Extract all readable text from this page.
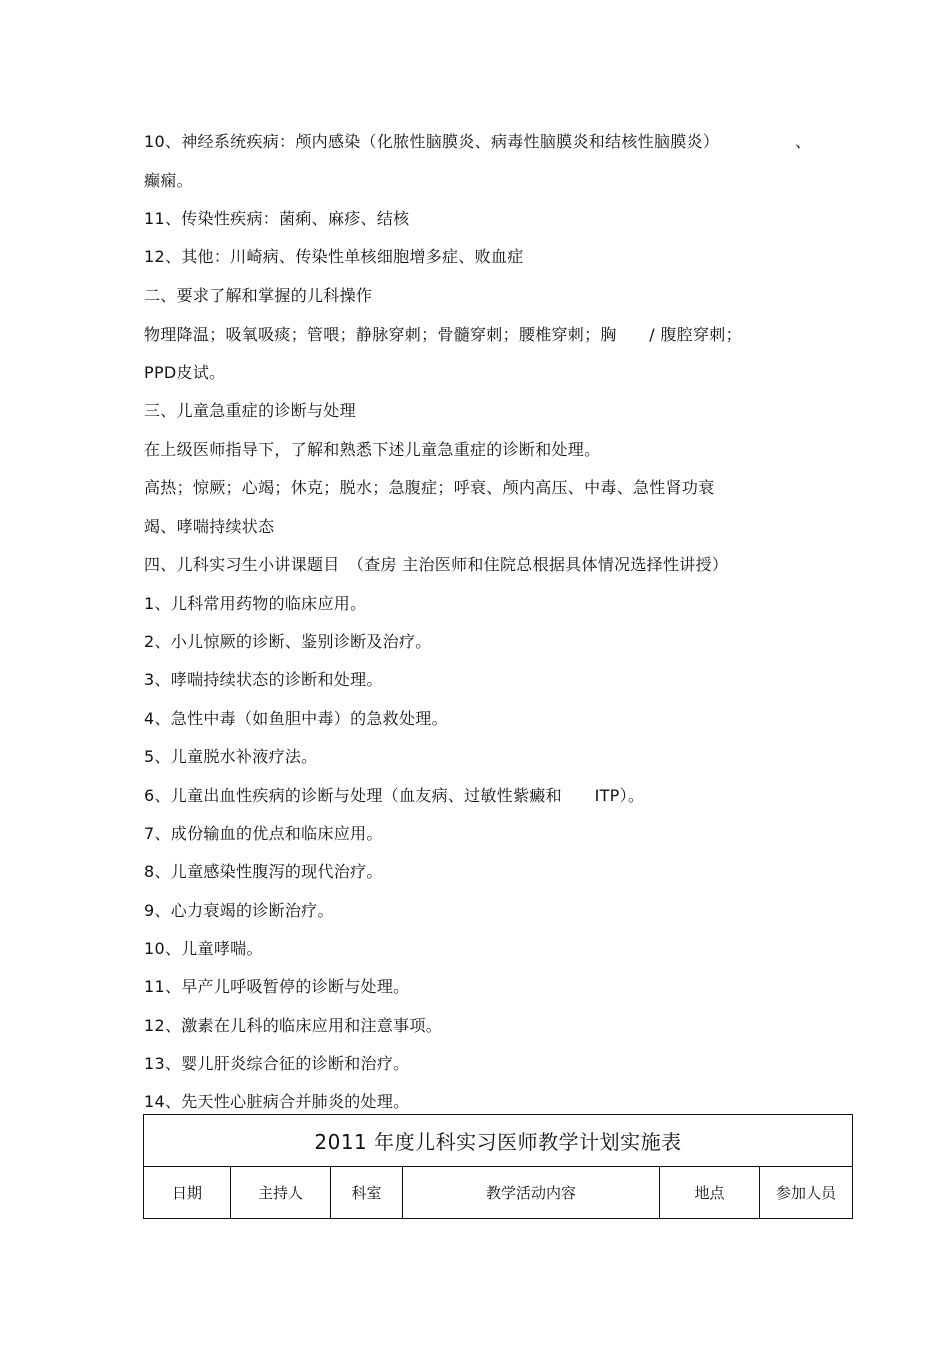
10、神经系统疾病：颅内感染（化脓性脑膜炎、病毒性脑膜炎和结核性脑膜炎）	、
癫痫。
11、传染性疾病：菌痢、麻疹、结核
12、其他：川崎病、传染性单核细胞增多症、败血症
二、要求了解和掌握的儿科操作
物理降温；吸氧吸痰；管喂；静脉穿刺；骨髓穿刺；腰椎穿刺；胸　　/ 腹腔穿刺；
PPD皮试。
三、儿童急重症的诊断与处理
在上级医师指导下，了解和熟悉下述儿童急重症的诊断和处理。
高热；惊厥；心竭；休克；脱水；急腹症；呼衰、颅内高压、中毒、急性肾功衰
竭、哮喘持续状态
四、儿科实习生小讲课题目　（查房 主治医师和住院总根据具体情况选择性讲授）
1、儿科常用药物的临床应用。
2、小儿惊厥的诊断、鉴别诊断及治疗。
3、哮喘持续状态的诊断和处理。
4、急性中毒（如鱼胆中毒）的急救处理。
5、儿童脱水补液疗法。
6、儿童出血性疾病的诊断与处理（血友病、过敏性紫癜和　　ITP）。
7、成份输血的优点和临床应用。
8、儿童感染性腹泻的现代治疗。
9、心力衰竭的诊断治疗。
10、儿童哮喘。
11、早产儿呼吸暂停的诊断与处理。
12、激素在儿科的临床应用和注意事项。
13、婴儿肝炎综合征的诊断和治疗。
14、先天性心脏病合并肺炎的处理。
2011 年度儿科实习医师教学计划实施表
日期	主持人	科室	教学活动内容	地点	参加人员
